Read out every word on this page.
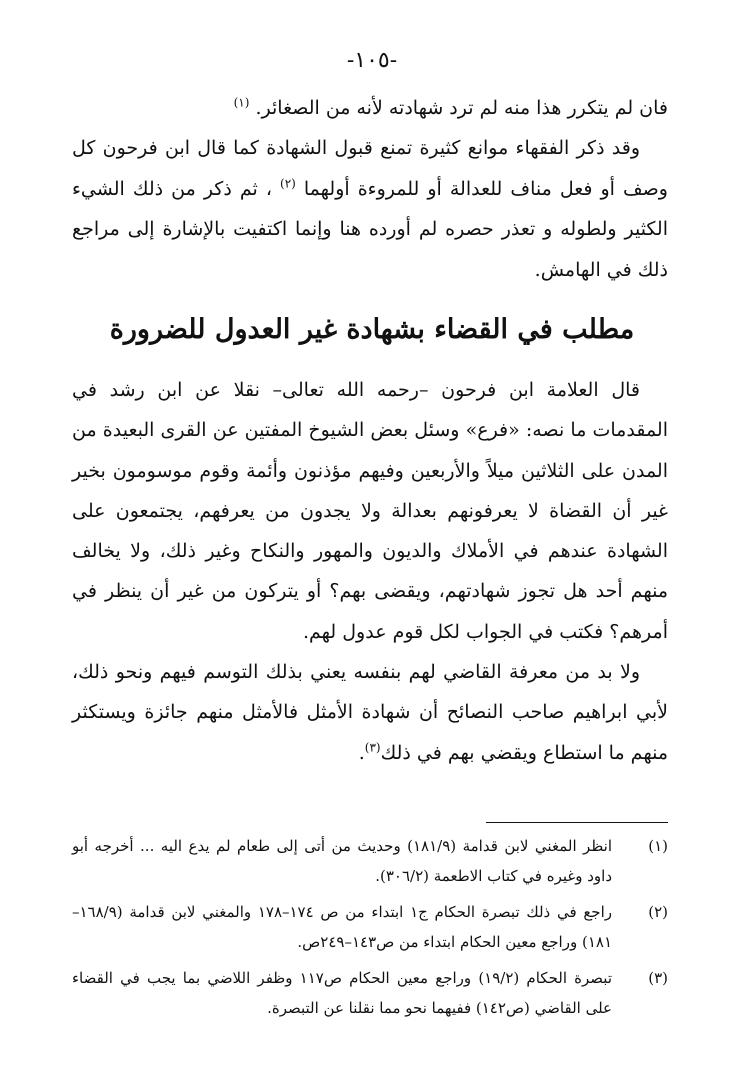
-١٠٥-

فان لم يتكرر هذا منه لم ترد شهادته لأنه من الصغائر. $^{(١)}$

وقد ذكر الفقهاء موانع كثيرة تمنع قبول الشهادة كما قال ابن فرحون كل وصف أو فعل مناف للعدالة أو للمروءة أولهما $^{(٢)}$ ، ثم ذكر من ذلك الشيء الكثير ولطوله و تعذر حصره لم أورده هنا وإنما اكتفيت بالإشارة إلى مراجع ذلك في الهامش.

مطلب في القضاء بشهادة غير العدول للضرورة

قال العلامة ابن فرحون –رحمه الله تعالى– نقلا عن ابن رشد في المقدمات ما نصه: «فرع» وسئل بعض الشيوخ المفتين عن القرى البعيدة من المدن على الثلاثين ميلاً والأربعين وفيهم مؤذنون وأئمة وقوم موسومون بخير غير أن القضاة لا يعرفونهم بعدالة ولا يجدون من يعرفهم، يجتمعون على الشهادة عندهم في الأملاك والديون والمهور والنكاح وغير ذلك، ولا يخالف منهم أحد هل تجوز شهادتهم، ويقضى بهم؟ أو يتركون من غير أن ينظر في أمرهم؟ فكتب في الجواب لكل قوم عدول لهم.

ولا بد من معرفة القاضي لهم بنفسه يعني بذلك التوسم فيهم ونحو ذلك، لأبي ابراهيم صاحب النصائح أن شهادة الأمثل فالأمثل منهم جائزة ويستكثر منهم ما استطاع ويقضي بهم في ذلك$^{(٣)}$.

(١)
انظر المغني لابن قدامة (١٨١/٩) وحديث من أتى إلى طعام لم يدع اليه ... أخرجه أبو داود وغيره في كتاب الاطعمة (٣٠٦/٢).
(٢)
راجع في ذلك تبصرة الحكام ج١ ابتداء من ص ١٧٤–١٧٨ والمغني لابن قدامة (١٦٨/٩–١٨١) وراجع معين الحكام ابتداء من ص١٤٣–٢٤٩ص.
(٣)
تبصرة الحكام (١٩/٢) وراجع معين الحكام ص١١٧ وظفر اللاضي بما يجب في القضاء على القاضي (ص١٤٢) ففيهما نحو مما نقلنا عن التبصرة.
